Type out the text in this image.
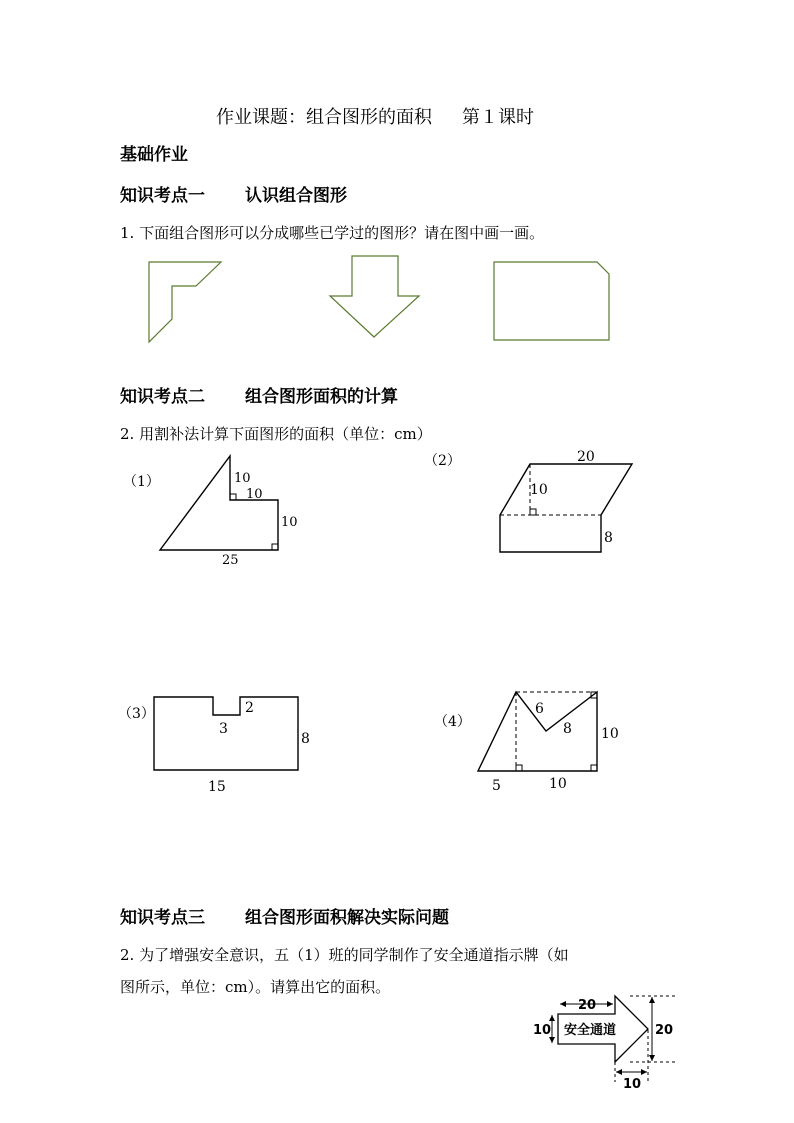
作业课题：组合图形的面积 第１课时
基础作业
知识考点一 认识组合图形
1. 下面组合图形可以分成哪些已学过的图形？请在图中画一画。
知识考点二 组合图形面积的计算
2. 用割补法计算下面图形的面积（单位：cm）
知识考点三 组合图形面积解决实际问题
2. 为了增强安全意识，五（1）班的同学制作了安全通道指示牌（如
图所示，单位：cm）。请算出它的面积。
（1）	10
10
10
25
（2）	20
10
8
（3）	2
3
8
15
（4）
6
8 10
5	10
安全通道
20
10	20
10
